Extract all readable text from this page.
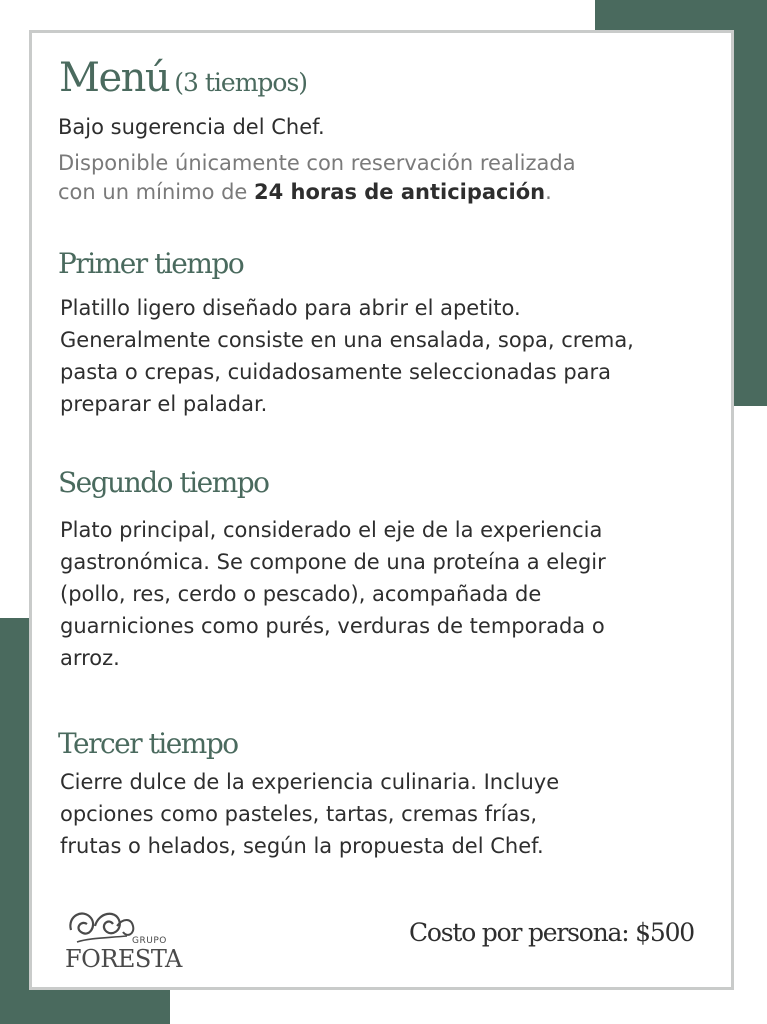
Menú (3 tiempos)
Bajo sugerencia del Chef.
Disponible únicamente con reservación realizada
con un mínimo de 24 horas de anticipación.
Primer tiempo
Platillo ligero diseñado para abrir el apetito.
Generalmente consiste en una ensalada, sopa, crema,
pasta o crepas, cuidadosamente seleccionadas para
preparar el paladar.
Segundo tiempo
Plato principal, considerado el eje de la experiencia
gastronómica. Se compone de una proteína a elegir
(pollo, res, cerdo o pescado), acompañada de
guarniciones como purés, verduras de temporada o
arroz.
Tercer tiempo
Cierre dulce de la experiencia culinaria. Incluye
opciones como pasteles, tartas, cremas frías,
frutas o helados, según la propuesta del Chef.
GRUPO
FORESTA
Costo por persona: $500
